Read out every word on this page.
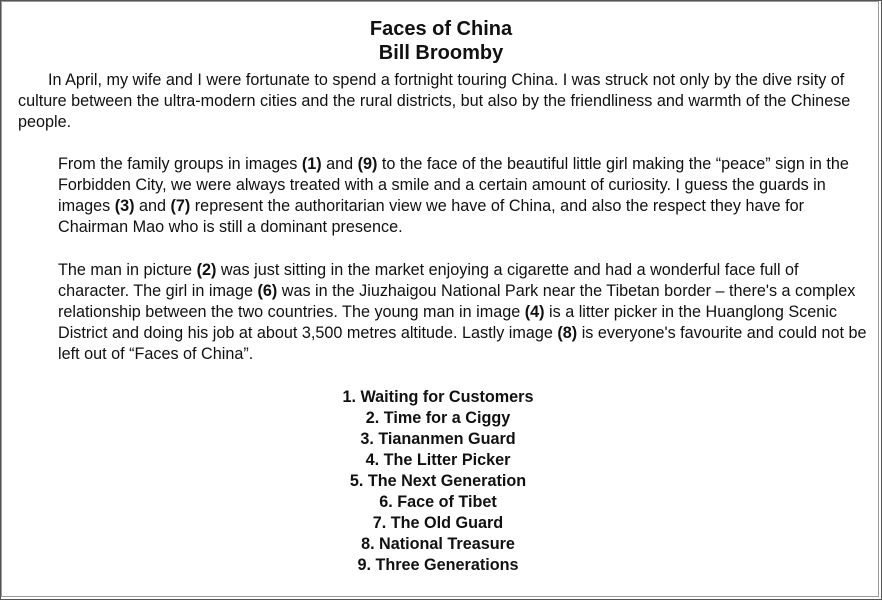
Faces of China
Bill Broomby

In April, my wife and I were fortunate to spend a fortnight touring China. I was struck not only by the dive rsity of culture between the ultra-modern cities and the rural districts, but also by the friendliness and warmth of the Chinese people.

From the family groups in images (1) and (9) to the face of the beautiful little girl making the “peace” sign in the Forbidden City, we were always treated with a smile and a certain amount of curiosity. I guess the guards in images (3) and (7) represent the authoritarian view we have of China, and also the respect they have for Chairman Mao who is still a dominant presence.

The man in picture (2) was just sitting in the market enjoying a cigarette and had a wonderful face full of character. The girl in image (6) was in the Jiuzhaigou National Park near the Tibetan border – there's a complex relationship between the two countries. The young man in image (4) is a litter picker in the Huanglong Scenic District and doing his job at about 3,500 metres altitude. Lastly image (8) is everyone's favourite and could not be left out of “Faces of China”.

1. Waiting for Customers
2. Time for a Ciggy
3. Tiananmen Guard
4. The Litter Picker
5. The Next Generation
6. Face of Tibet
7. The Old Guard
8. National Treasure
9. Three Generations
